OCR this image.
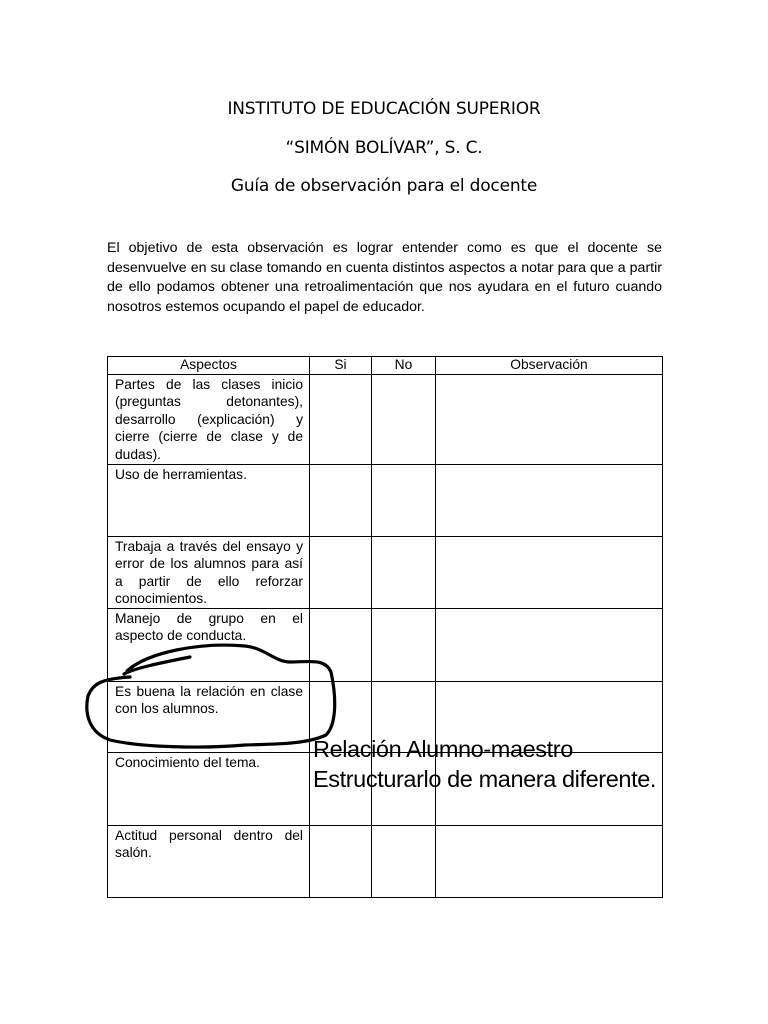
INSTITUTO DE EDUCACIÓN SUPERIOR
“SIMÓN BOLÍVAR”, S. C.
Guía de observación para el docente

El objetivo de esta observación es lograr entender como es que el docente se desenvuelve en su clase tomando en cuenta distintos aspectos a notar para que a partir de ello podamos obtener una retroalimentación que nos ayudara en el futuro cuando nosotros estemos ocupando el papel de educador.

Aspectos	Si	No	Observación

Partes de las clases inicio (preguntas detonantes), desarrollo (explicación) y cierre (cierre de clase y de dudas).			

Uso de herramientas.			

Trabaja a través del ensayo y error de los alumnos para así a partir de ello reforzar conocimientos.			

Manejo de grupo en el aspecto de conducta.			

Es buena la relación en clase con los alumnos.			

Conocimiento del tema.			

Actitud personal dentro del salón.			

Relación Alumno-maestro
Estructurarlo de manera diferente.
